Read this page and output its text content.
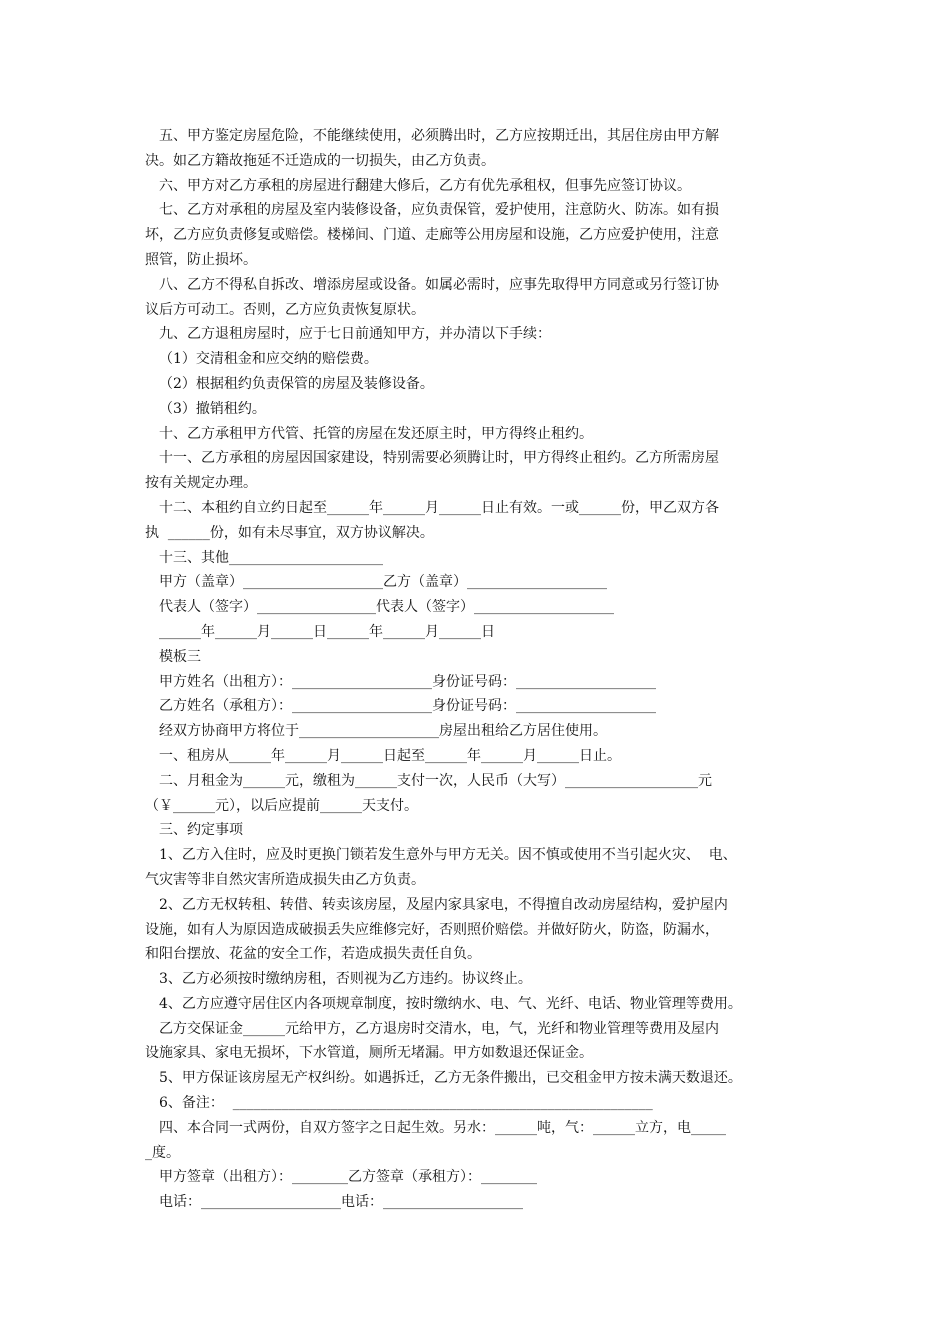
五、甲方鉴定房屋危险，不能继续使用，必须腾出时，乙方应按期迁出，其居住房由甲方解
决。如乙方籍故拖延不迁造成的一切损失，由乙方负责。
六、甲方对乙方承租的房屋进行翻建大修后，乙方有优先承租权，但事先应签订协议。
七、乙方对承租的房屋及室内装修设备，应负责保管，爱护使用，注意防火、防冻。如有损
坏，乙方应负责修复或赔偿。楼梯间、门道、走廊等公用房屋和设施，乙方应爱护使用，注意
照管，防止损坏。
八、乙方不得私自拆改、增添房屋或设备。如属必需时，应事先取得甲方同意或另行签订协
议后方可动工。否则，乙方应负责恢复原状。
九、乙方退租房屋时，应于七日前通知甲方，并办清以下手续：
（1）交清租金和应交纳的赔偿费。
（2）根据租约负责保管的房屋及装修设备。
（3）撤销租约。
十、乙方承租甲方代管、托管的房屋在发还原主时，甲方得终止租约。
十一、乙方承租的房屋因国家建设，特别需要必须腾让时，甲方得终止租约。乙方所需房屋
按有关规定办理。
十二、本租约自立约日起至______年______月______日止有效。一或______份，甲乙双方各
执  ______份，如有未尽事宜，双方协议解决。
十三、其他______________________
甲方（盖章）____________________乙方（盖章）____________________
代表人（签字）_________________代表人（签字）____________________
______年______月______日______年______月______日
模板三
甲方姓名（出租方）：____________________身份证号码：____________________
乙方姓名（承租方）：____________________身份证号码：____________________
经双方协商甲方将位于____________________房屋出租给乙方居住使用。
一、租房从______年______月______日起至______年______月______日止。
二、月租金为______元，缴租为______支付一次，人民币（大写）___________________元
（￥______元），以后应提前______天支付。
三、约定事项
1、乙方入住时，应及时更换门锁若发生意外与甲方无关。因不慎或使用不当引起火灾、  电、
气灾害等非自然灾害所造成损失由乙方负责。
2、乙方无权转租、转借、转卖该房屋，及屋内家具家电，不得擅自改动房屋结构，爱护屋内
设施，如有人为原因造成破损丢失应维修完好，否则照价赔偿。并做好防火，防盗，防漏水，
和阳台摆放、花盆的安全工作，若造成损失责任自负。
3、乙方必须按时缴纳房租，否则视为乙方违约。协议终止。
4、乙方应遵守居住区内各项规章制度，按时缴纳水、电、气、光纤、电话、物业管理等费用。
乙方交保证金______元给甲方，乙方退房时交清水，电，气，光纤和物业管理等费用及屋内
设施家具、家电无损坏，下水管道，厕所无堵漏。甲方如数退还保证金。
5、甲方保证该房屋无产权纠纷。如遇拆迁，乙方无条件搬出，已交租金甲方按未满天数退还。
6、备注：  ____________________________________________________________
四、本合同一式两份，自双方签字之日起生效。另水：______吨，气：______立方，电_____
_度。
甲方签章（出租方）：________乙方签章（承租方）：________
电话：____________________电话：____________________
